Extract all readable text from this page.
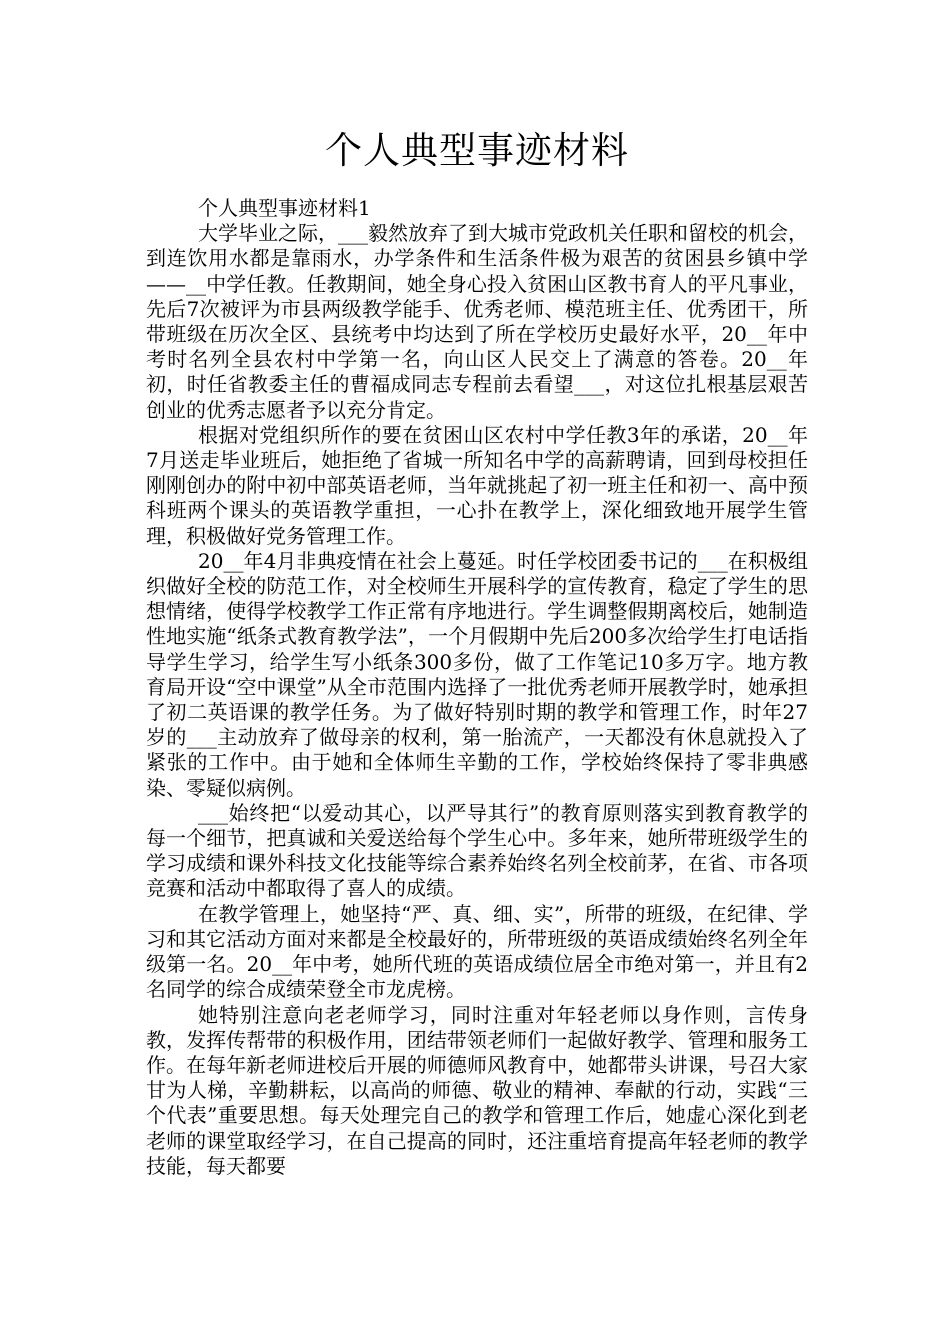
个人典型事迹材料

个人典型事迹材料1

大学毕业之际，___毅然放弃了到大城市党政机关任职和留校的机会，到连饮用水都是靠雨水，办学条件和生活条件极为艰苦的贫困县乡镇中学——__中学任教。任教期间，她全身心投入贫困山区教书育人的平凡事业，先后7次被评为市县两级教学能手、优秀老师、模范班主任、优秀团干，所带班级在历次全区、县统考中均达到了所在学校历史最好水平，20__年中考时名列全县农村中学第一名，向山区人民交上了满意的答卷。20__年初，时任省教委主任的曹福成同志专程前去看望___，对这位扎根基层艰苦创业的优秀志愿者予以充分肯定。

根据对党组织所作的要在贫困山区农村中学任教3年的承诺，20__年7月送走毕业班后，她拒绝了省城一所知名中学的高薪聘请，回到母校担任刚刚创办的附中初中部英语老师，当年就挑起了初一班主任和初一、高中预科班两个课头的英语教学重担，一心扑在教学上，深化细致地开展学生管理，积极做好党务管理工作。

20__年4月非典疫情在社会上蔓延。时任学校团委书记的___在积极组织做好全校的防范工作，对全校师生开展科学的宣传教育，稳定了学生的思想情绪，使得学校教学工作正常有序地进行。学生调整假期离校后，她制造性地实施“纸条式教育教学法”，一个月假期中先后200多次给学生打电话指导学生学习，给学生写小纸条300多份，做了工作笔记10多万字。地方教育局开设“空中课堂”从全市范围内选择了一批优秀老师开展教学时，她承担了初二英语课的教学任务。为了做好特别时期的教学和管理工作，时年27岁的___主动放弃了做母亲的权利，第一胎流产，一天都没有休息就投入了紧张的工作中。由于她和全体师生辛勤的工作，学校始终保持了零非典感染、零疑似病例。

___始终把“以爱动其心，以严导其行”的教育原则落实到教育教学的每一个细节，把真诚和关爱送给每个学生心中。多年来，她所带班级学生的学习成绩和课外科技文化技能等综合素养始终名列全校前茅，在省、市各项竞赛和活动中都取得了喜人的成绩。

在教学管理上，她坚持“严、真、细、实”，所带的班级，在纪律、学习和其它活动方面对来都是全校最好的，所带班级的英语成绩始终名列全年级第一名。20__年中考，她所代班的英语成绩位居全市绝对第一，并且有2名同学的综合成绩荣登全市龙虎榜。

她特别注意向老老师学习，同时注重对年轻老师以身作则，言传身教，发挥传帮带的积极作用，团结带领老师们一起做好教学、管理和服务工作。在每年新老师进校后开展的师德师风教育中，她都带头讲课，号召大家甘为人梯，辛勤耕耘，以高尚的师德、敬业的精神、奉献的行动，实践“三个代表”重要思想。每天处理完自己的教学和管理工作后，她虚心深化到老老师的课堂取经学习，在自己提高的同时，还注重培育提高年轻老师的教学技能，每天都要
